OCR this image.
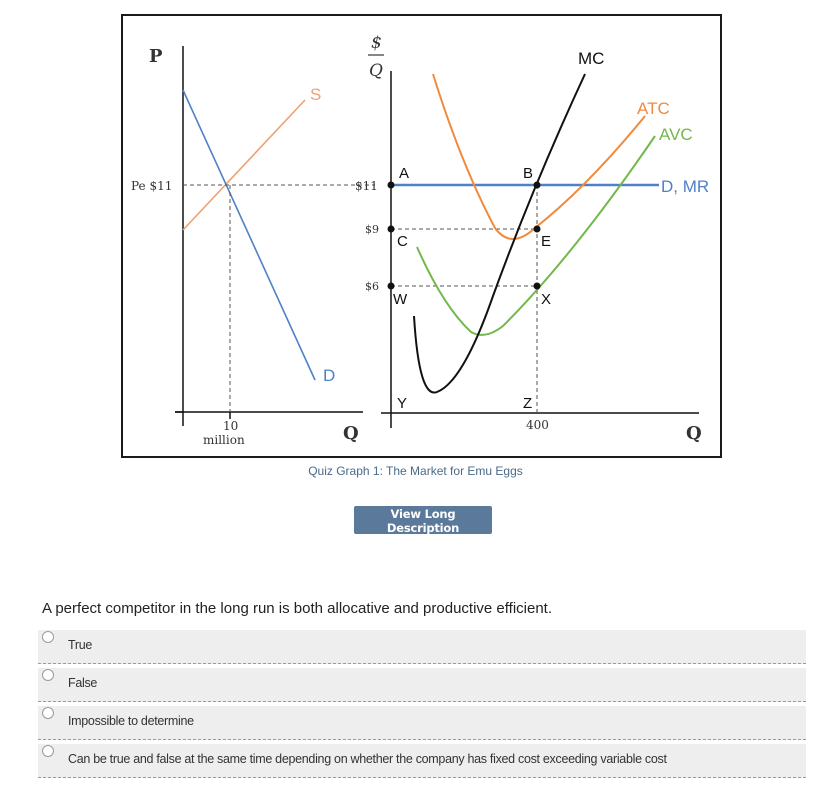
P
Q
Pe $11
10
million
S
D
$
Q
Q
$11
$9
$6
400
MC
ATC
AVC
D, MR
A	B
C	E
W	X
Y	Z
Quiz Graph 1: The Market for Emu Eggs
View Long Description
A perfect competitor in the long run is both allocative and productive efficient.
True
False
Impossible to determine
Can be true and false at the same time depending on whether the company has fixed cost exceeding variable cost
